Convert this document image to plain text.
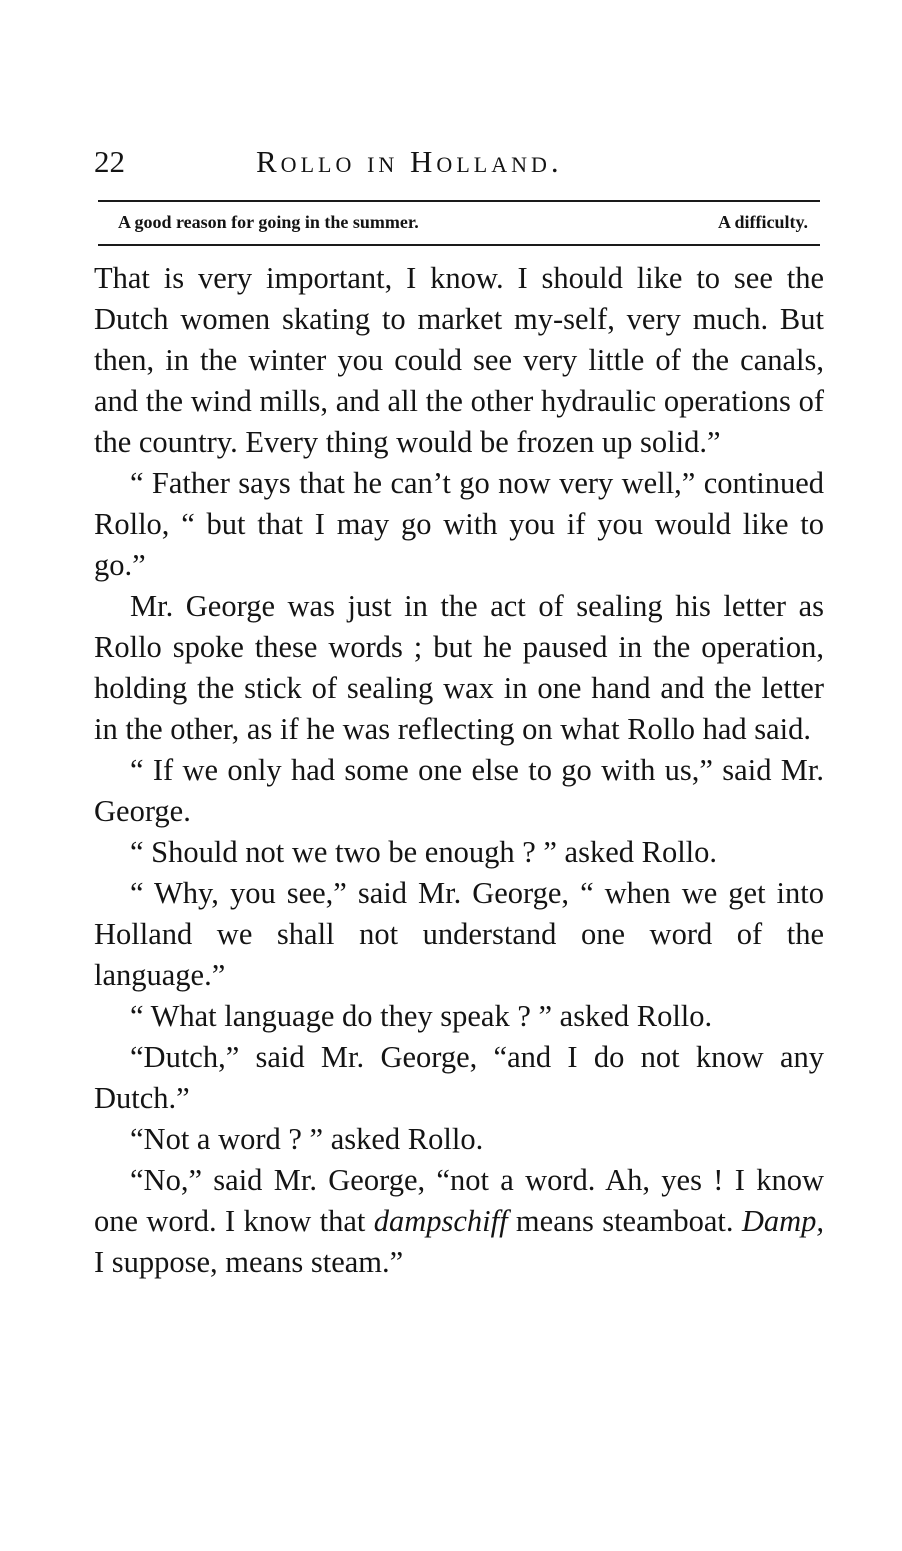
22	Rollo in Holland.
A good reason for going in the summer.	A difficulty.

That is very important, I know. I should like to see the Dutch women skating to market my-self, very much. But then, in the winter you could see very little of the canals, and the wind mills, and all the other hydraulic operations of the country. Every thing would be frozen up solid.”

“ Father says that he can’t go now very well,” continued Rollo, “ but that I may go with you if you would like to go.”

Mr. George was just in the act of sealing his letter as Rollo spoke these words ; but he paused in the operation, holding the stick of sealing wax in one hand and the letter in the other, as if he was reflecting on what Rollo had said.

“ If we only had some one else to go with us,” said Mr. George.

“ Should not we two be enough ? ” asked Rollo.

“ Why, you see,” said Mr. George, “ when we get into Holland we shall not understand one word of the language.”

“ What language do they speak ? ” asked Rollo.

“Dutch,” said Mr. George, “and I do not know any Dutch.”

“Not a word ? ” asked Rollo.

“No,” said Mr. George, “not a word. Ah, yes ! I know one word. I know that dampschiff means steamboat. Damp, I suppose, means steam.”
